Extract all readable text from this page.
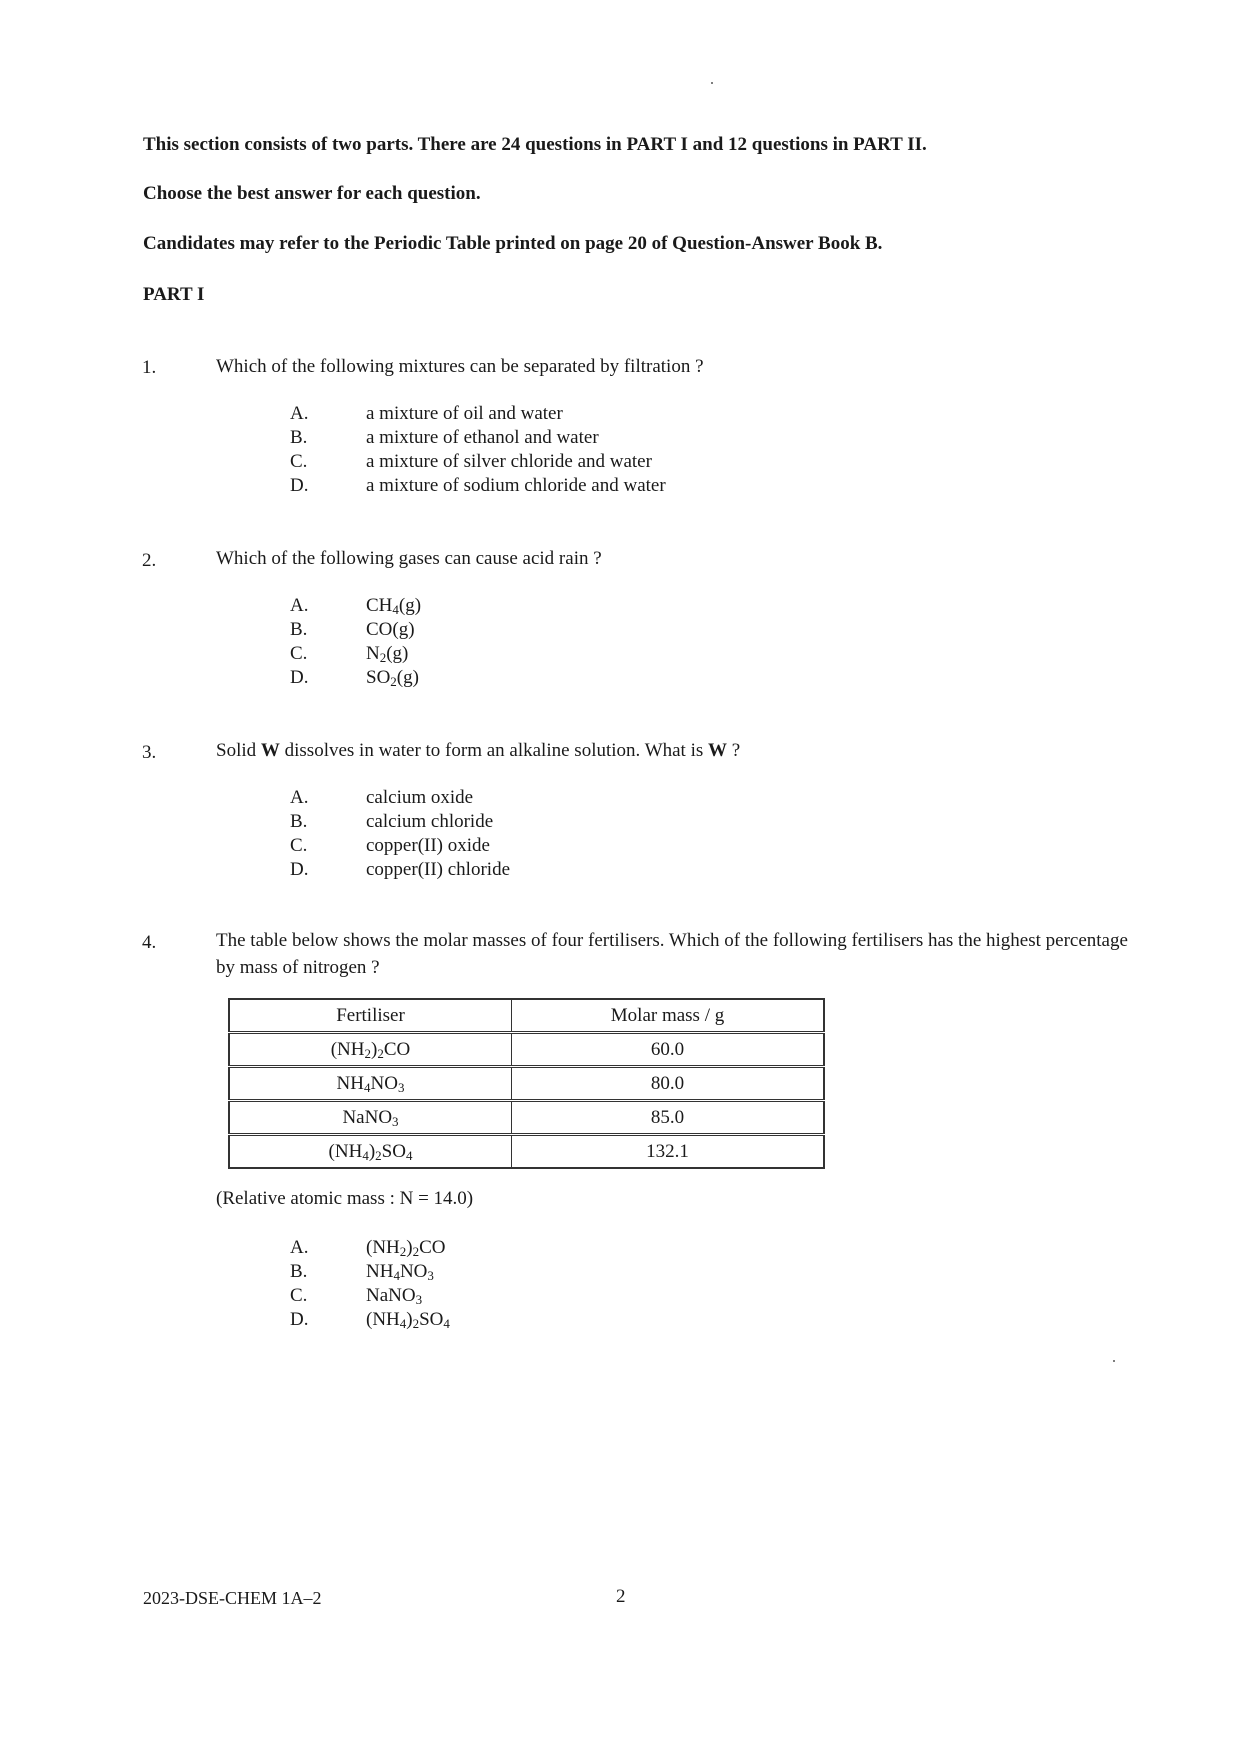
This section consists of two parts. There are 24 questions in PART I and 12 questions in PART II.
Choose the best answer for each question.
Candidates may refer to the Periodic Table printed on page 20 of Question-Answer Book B.
PART I
1.	Which of the following mixtures can be separated by filtration ?
A.	a mixture of oil and water
B.	a mixture of ethanol and water
C.	a mixture of silver chloride and water
D.	a mixture of sodium chloride and water
2.	Which of the following gases can cause acid rain ?
A.	$CH_4(g)$
B.	CO(g)
C.	$N_2(g)$
D.	$SO_2(g)$
3.	Solid W dissolves in water to form an alkaline solution. What is W ?
A.	calcium oxide
B.	calcium chloride
C.	copper(II) oxide
D.	copper(II) chloride
4.	The table below shows the molar masses of four fertilisers. Which of the following fertilisers has the highest percentage by mass of nitrogen ?
Fertiliser	Molar mass / g
$(NH_2)_2CO$	60.0
$NH_4NO_3$	80.0
NaNO$_3$	85.0
$(NH_4)_2SO_4$	132.1
(Relative atomic mass : N = 14.0)
A.	$(NH_2)_2CO$
B.	$NH_4NO_3$
C.	NaNO$_3$
D.	$(NH_4)_2SO_4$
2023-DSE-CHEM 1A–2	2
